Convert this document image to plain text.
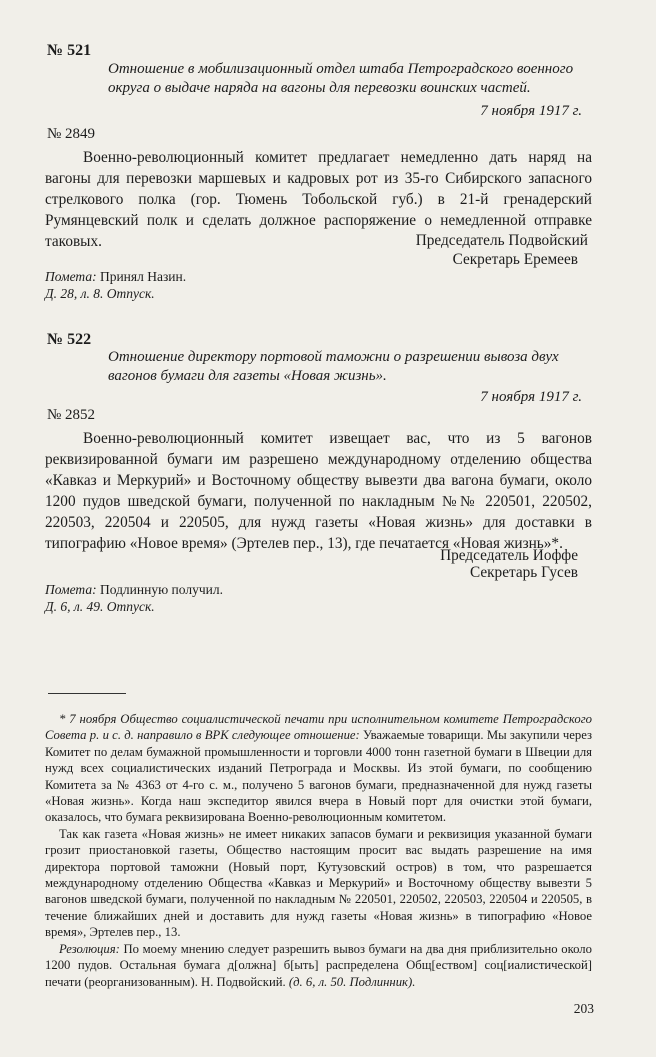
№ 521
Отношение в мобилизационный отдел штаба Петроградского военного округа о выдаче наряда на вагоны для перевозки воинских частей.
7 ноября 1917 г.
№ 2849
Военно-революционный комитет предлагает немедленно дать наряд на вагоны для перевозки маршевых и кадровых рот из 35-го Сибирского запасного стрелкового полка (гор. Тюмень Тобольской губ.) в 21-й гренадерский Румянцевский полк и сделать должное распоряжение о немедленной отправке таковых.	Председатель Подвойский
Секретарь Еремеев
Помета: Принял Назин.
Д. 28, л. 8. Отпуск.
№ 522
Отношение директору портовой таможни о разрешении вывоза двух вагонов бумаги для газеты «Новая жизнь».
7 ноября 1917 г.
№ 2852
Военно-революционный комитет извещает вас, что из 5 вагонов реквизированной бумаги им разрешено международному отделению общества «Кавказ и Меркурий» и Восточному обществу вывезти два вагона бумаги, около 1200 пудов шведской бумаги, полученной по накладным №№ 220501, 220502, 220503, 220504 и 220505, для нужд газеты «Новая жизнь» для доставки в типографию «Новое время» (Эртелев пер., 13), где печатается «Новая жизнь»*.
Председатель Иоффе
Секретарь Гусев
Помета: Подлинную получил.
Д. 6, л. 49. Отпуск.

* 7 ноября Общество социалистической печати при исполнительном комитете Петроградского Совета р. и с. д. направило в ВРК следующее отношение: Уважаемые товарищи. Мы закупили через Комитет по делам бумажной промышленности и торговли 4000 тонн газетной бумаги в Швеции для нужд всех социалистических изданий Петрограда и Москвы. Из этой бумаги, по сообщению Комитета за № 4363 от 4-го с. м., получено 5 вагонов бумаги, предназначенной для нужд газеты «Новая жизнь». Когда наш экспедитор явился вчера в Новый порт для очистки этой бумаги, оказалось, что бумага реквизирована Военно-революционным комитетом.

Так как газета «Новая жизнь» не имеет никаких запасов бумаги и реквизиция указанной бумаги грозит приостановкой газеты, Общество настоящим просит вас выдать разрешение на имя директора портовой таможни (Новый порт, Кутузовский остров) в том, что разрешается международному отделению Общества «Кавказ и Меркурий» и Восточному обществу вывезти 5 вагонов шведской бумаги, полученной по накладным № 220501, 220502, 220503, 220504 и 220505, в течение ближайших дней и доставить для нужд газеты «Новая жизнь» в типографию «Новое время», Эртелев пер., 13.

Резолюция: По моему мнению следует разрешить вывоз бумаги на два дня приблизительно около 1200 пудов. Остальная бумага д[олжна] б[ыть] распределена Общ[еством] соц[иалистической] печати (реорганизованным). Н. Подвойский. (д. 6, л. 50. Подлинник).

203
